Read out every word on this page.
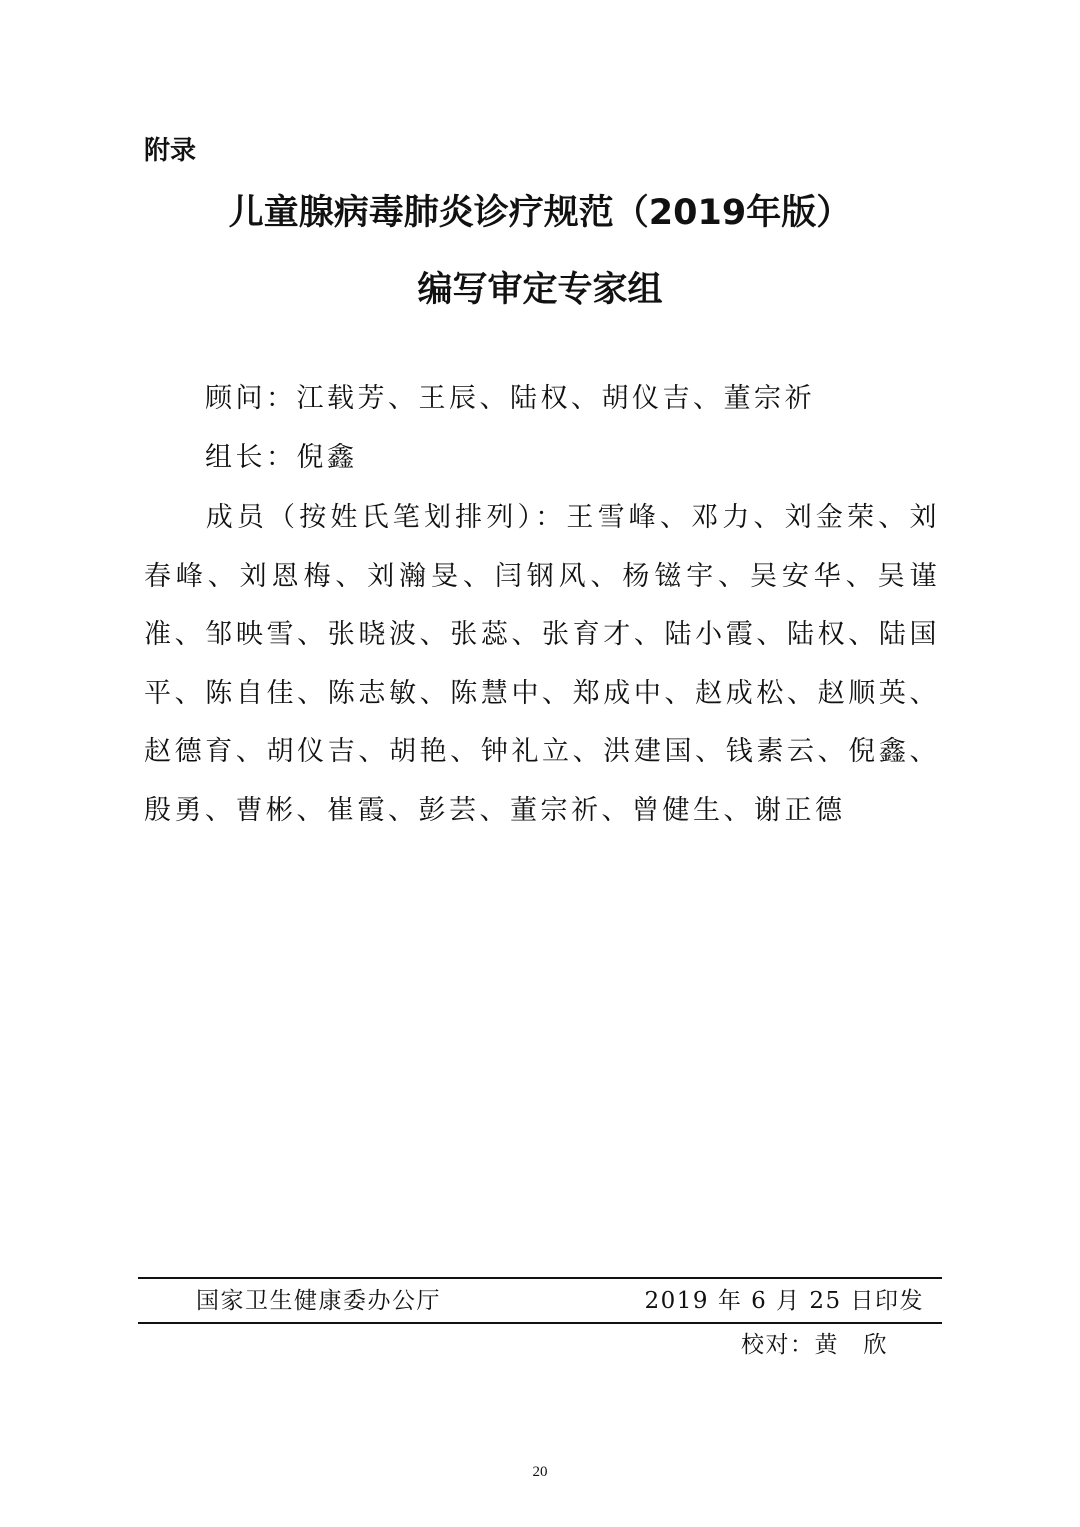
附录
儿童腺病毒肺炎诊疗规范（2019年版）
编写审定专家组
顾问：江载芳、王辰、陆权、胡仪吉、董宗祈
组长：倪鑫
成员（按姓氏笔划排列）：王雪峰、邓力、刘金荣、刘春峰、刘恩梅、刘瀚旻、闫钢风、杨镃宇、吴安华、吴谨准、邹映雪、张晓波、张蕊、张育才、陆小霞、陆权、陆国平、陈自佳、陈志敏、陈慧中、郑成中、赵成松、赵顺英、赵德育、胡仪吉、胡艳、钟礼立、洪建国、钱素云、倪鑫、殷勇、曹彬、崔霞、彭芸、董宗祈、曾健生、谢正德
国家卫生健康委办公厅	2019 年 6 月 25 日印发
校对：黄　欣
20
